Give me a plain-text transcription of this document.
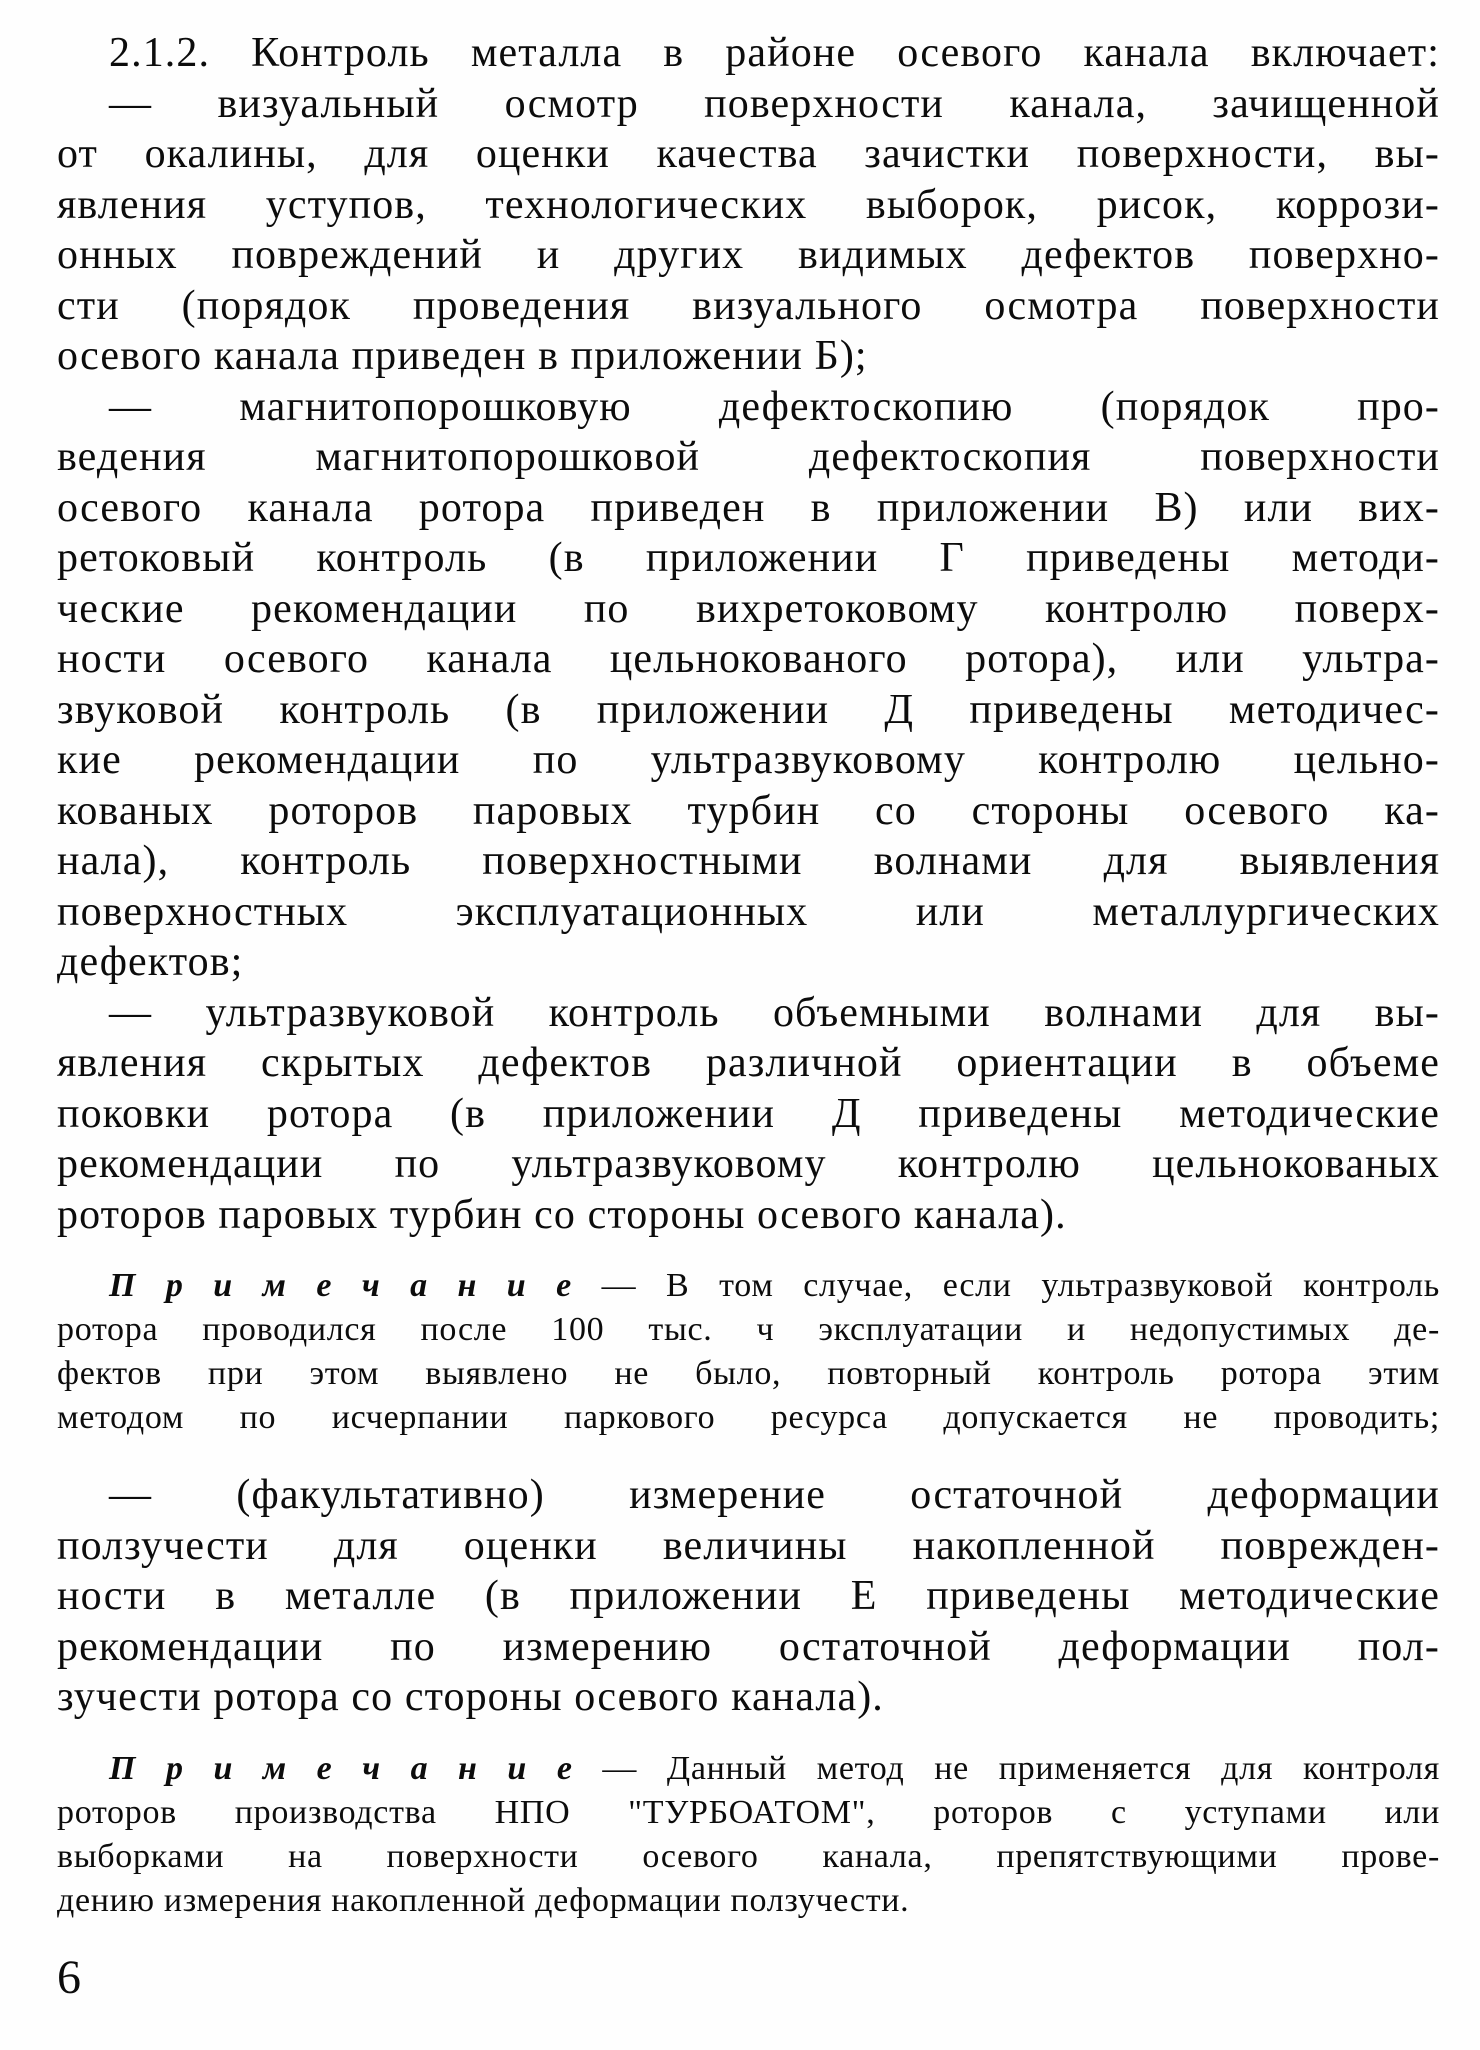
2.1.2. Контроль металла в районе осевого канала включает:
— визуальный осмотр поверхности канала, зачищенной
от окалины, для оценки качества зачистки поверхности, вы-
явления уступов, технологических выборок, рисок, коррози-
онных повреждений и других видимых дефектов поверхно-
сти (порядок проведения визуального осмотра поверхности
осевого канала приведен в приложении Б);
— магнитопорошковую дефектоскопию (порядок про-
ведения магнитопорошковой дефектоскопия поверхности
осевого канала ротора приведен в приложении В) или вих-
ретоковый контроль (в приложении Г приведены методи-
ческие рекомендации по вихретоковому контролю поверх-
ности осевого канала цельнокованого ротора), или ультра-
звуковой контроль (в приложении Д приведены методичес-
кие рекомендации по ультразвуковому контролю цельно-
кованых роторов паровых турбин со стороны осевого ка-
нала), контроль поверхностными волнами для выявления
поверхностных эксплуатационных или металлургических
дефектов;
— ультразвуковой контроль объемными волнами для вы-
явления скрытых дефектов различной ориентации в объеме
поковки ротора (в приложении Д приведены методические
рекомендации по ультразвуковому контролю цельнокованых
роторов паровых турбин со стороны осевого канала).
П р и м е ч а н и е — В том случае, если ультразвуковой контроль
ротора проводился после 100 тыс. ч эксплуатации и недопустимых де-
фектов при этом выявлено не было, повторный контроль ротора этим
методом по исчерпании паркового ресурса допускается не проводить;
— (факультативно) измерение остаточной деформации
ползучести для оценки величины накопленной поврежден-
ности в металле (в приложении Е приведены методические
рекомендации по измерению остаточной деформации пол-
зучести ротора со стороны осевого канала).
П р и м е ч а н и е — Данный метод не применяется для контроля
роторов производства НПО "ТУРБОАТОМ", роторов с уступами или
выборками на поверхности осевого канала, препятствующими прове-
дению измерения накопленной деформации ползучести.
6
